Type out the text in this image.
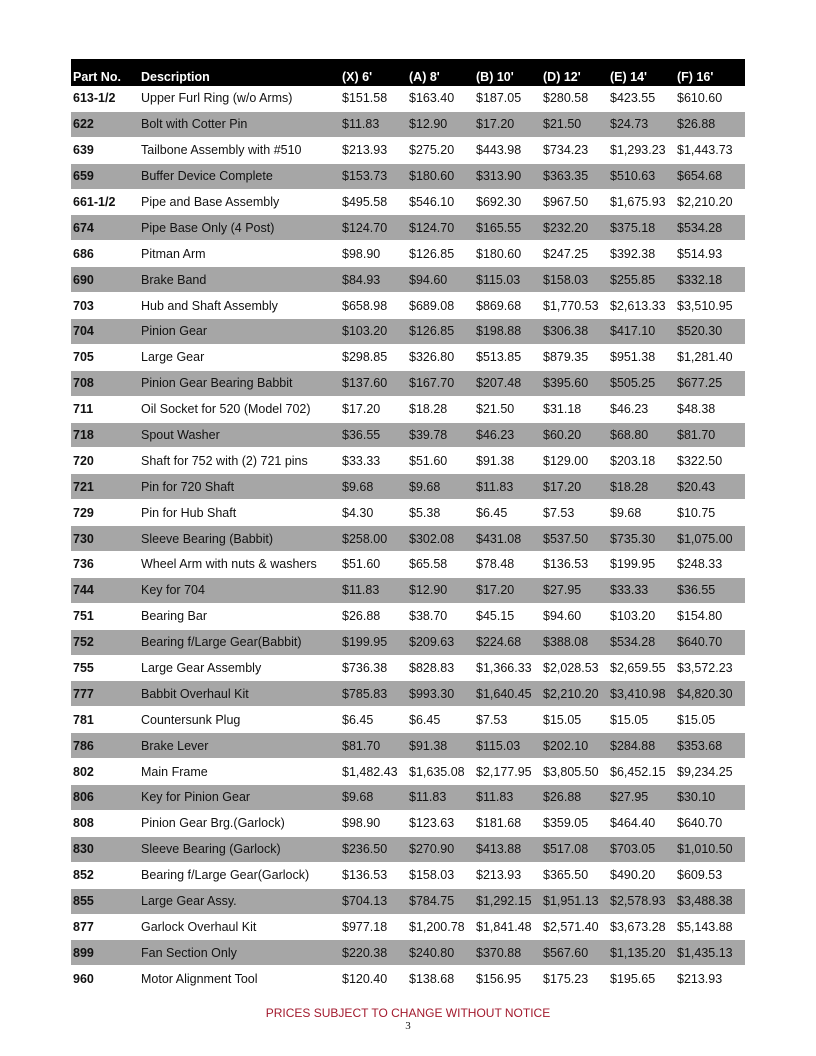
Part No.	Description	(X) 6'	(A) 8'	(B) 10'	(D) 12'	(E) 14'	(F) 16'
613-1/2	Upper Furl Ring (w/o Arms)	$151.58	$163.40	$187.05	$280.58	$423.55	$610.60
622	Bolt with Cotter Pin	$11.83	$12.90	$17.20	$21.50	$24.73	$26.88
639	Tailbone Assembly with #510	$213.93	$275.20	$443.98	$734.23	$1,293.23	$1,443.73
659	Buffer Device Complete	$153.73	$180.60	$313.90	$363.35	$510.63	$654.68
661-1/2	Pipe and Base Assembly	$495.58	$546.10	$692.30	$967.50	$1,675.93	$2,210.20
674	Pipe Base Only (4 Post)	$124.70	$124.70	$165.55	$232.20	$375.18	$534.28
686	Pitman Arm	$98.90	$126.85	$180.60	$247.25	$392.38	$514.93
690	Brake Band	$84.93	$94.60	$115.03	$158.03	$255.85	$332.18
703	Hub and Shaft Assembly	$658.98	$689.08	$869.68	$1,770.53	$2,613.33	$3,510.95
704	Pinion Gear	$103.20	$126.85	$198.88	$306.38	$417.10	$520.30
705	Large Gear	$298.85	$326.80	$513.85	$879.35	$951.38	$1,281.40
708	Pinion Gear Bearing Babbit	$137.60	$167.70	$207.48	$395.60	$505.25	$677.25
711	Oil Socket for 520 (Model 702)	$17.20	$18.28	$21.50	$31.18	$46.23	$48.38
718	Spout Washer	$36.55	$39.78	$46.23	$60.20	$68.80	$81.70
720	Shaft for 752 with (2) 721 pins	$33.33	$51.60	$91.38	$129.00	$203.18	$322.50
721	Pin for 720 Shaft	$9.68	$9.68	$11.83	$17.20	$18.28	$20.43
729	Pin for Hub Shaft	$4.30	$5.38	$6.45	$7.53	$9.68	$10.75
730	Sleeve Bearing (Babbit)	$258.00	$302.08	$431.08	$537.50	$735.30	$1,075.00
736	Wheel Arm with nuts & washers	$51.60	$65.58	$78.48	$136.53	$199.95	$248.33
744	Key for 704	$11.83	$12.90	$17.20	$27.95	$33.33	$36.55
751	Bearing Bar	$26.88	$38.70	$45.15	$94.60	$103.20	$154.80
752	Bearing f/Large Gear(Babbit)	$199.95	$209.63	$224.68	$388.08	$534.28	$640.70
755	Large Gear Assembly	$736.38	$828.83	$1,366.33	$2,028.53	$2,659.55	$3,572.23
777	Babbit Overhaul Kit	$785.83	$993.30	$1,640.45	$2,210.20	$3,410.98	$4,820.30
781	Countersunk Plug	$6.45	$6.45	$7.53	$15.05	$15.05	$15.05
786	Brake Lever	$81.70	$91.38	$115.03	$202.10	$284.88	$353.68
802	Main Frame	$1,482.43	$1,635.08	$2,177.95	$3,805.50	$6,452.15	$9,234.25
806	Key for Pinion Gear	$9.68	$11.83	$11.83	$26.88	$27.95	$30.10
808	Pinion Gear Brg.(Garlock)	$98.90	$123.63	$181.68	$359.05	$464.40	$640.70
830	Sleeve Bearing (Garlock)	$236.50	$270.90	$413.88	$517.08	$703.05	$1,010.50
852	Bearing f/Large Gear(Garlock)	$136.53	$158.03	$213.93	$365.50	$490.20	$609.53
855	Large Gear Assy.	$704.13	$784.75	$1,292.15	$1,951.13	$2,578.93	$3,488.38
877	Garlock Overhaul Kit	$977.18	$1,200.78	$1,841.48	$2,571.40	$3,673.28	$5,143.88
899	Fan Section Only	$220.38	$240.80	$370.88	$567.60	$1,135.20	$1,435.13
960	Motor Alignment Tool	$120.40	$138.68	$156.95	$175.23	$195.65	$213.93
PRICES SUBJECT TO CHANGE WITHOUT NOTICE
3
